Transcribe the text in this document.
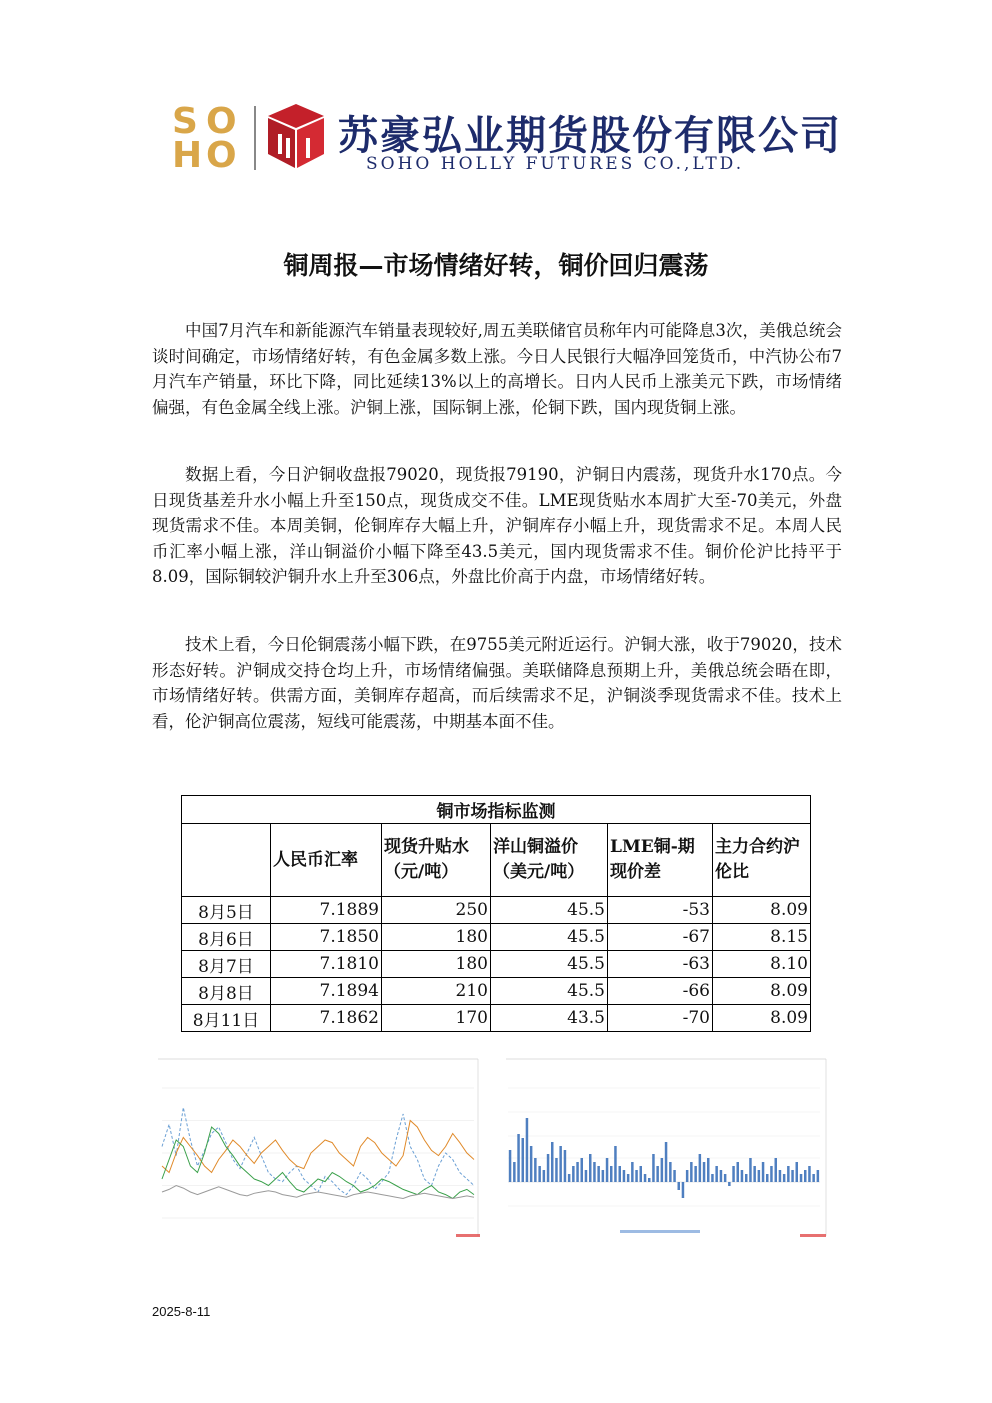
S O
H O	苏豪弘业期货股份有限公司
SOHO HOLLY FUTURES CO.,LTD.
铜周报—市场情绪好转，铜价回归震荡

中国7月汽车和新能源汽车销量表现较好,周五美联储官员称年内可能降息3次，美俄总统会谈时间确定，市场情绪好转，有色金属多数上涨。今日人民银行大幅净回笼货币，中汽协公布7月汽车产销量，环比下降，同比延续13%以上的高增长。日内人民币上涨美元下跌，市场情绪偏强，有色金属全线上涨。沪铜上涨，国际铜上涨，伦铜下跌，国内现货铜上涨。

数据上看，今日沪铜收盘报79020，现货报79190，沪铜日内震荡，现货升水170点。今日现货基差升水小幅上升至150点，现货成交不佳。LME现货贴水本周扩大至-70美元，外盘现货需求不佳。本周美铜，伦铜库存大幅上升，沪铜库存小幅上升，现货需求不足。本周人民币汇率小幅上涨，洋山铜溢价小幅下降至43.5美元，国内现货需求不佳。铜价伦沪比持平于8.09，国际铜较沪铜升水上升至306点，外盘比价高于内盘，市场情绪好转。

技术上看，今日伦铜震荡小幅下跌，在9755美元附近运行。沪铜大涨，收于79020，技术形态好转。沪铜成交持仓均上升，市场情绪偏强。美联储降息预期上升，美俄总统会晤在即，市场情绪好转。供需方面，美铜库存超高，而后续需求不足，沪铜淡季现货需求不佳。技术上看，伦沪铜高位震荡，短线可能震荡，中期基本面不佳。

铜市场指标监测					
	人民币汇率	现货升贴水（元/吨）	洋山铜溢价（美元/吨）	LME铜-期现价差	主力合约沪伦比
8月5日	7.1889	250	45.5	-53	8.09
8月6日	7.1850	180	45.5	-67	8.15
8月7日	7.1810	180	45.5	-63	8.10
8月8日	7.1894	210	45.5	-66	8.09
8月11日	7.1862	170	43.5	-70	8.09
2025-8-11
